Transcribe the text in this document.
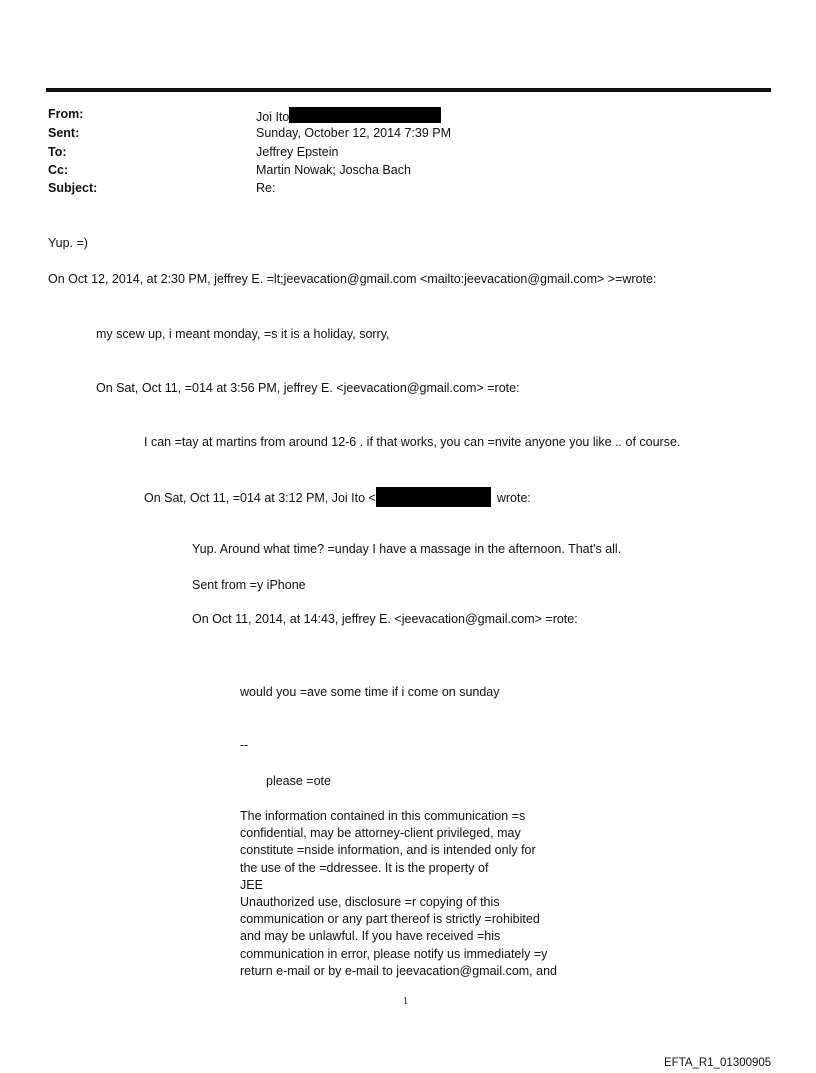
From:	Joi Ito
Sent:	Sunday, October 12, 2014 7:39 PM
To:	Jeffrey Epstein
Cc:	Martin Nowak; Joscha Bach
Subject:	Re:
Yup. =)
On Oct 12, 2014, at 2:30 PM, jeffrey E. =lt;jeevacation@gmail.com <mailto:jeevacation@gmail.com> >=wrote:
my scew up, i meant monday, =s it is a holiday, sorry,
On Sat, Oct 11, =014 at 3:56 PM, jeffrey E. <jeevacation@gmail.com> =rote:
I can =tay at martins from around 12-6 . if that works, you can =nvite anyone you like .. of course.
On Sat, Oct 11, =014 at 3:12 PM, Joi Ito <	wrote:
Yup. Around what time? =unday I have a massage in the afternoon. That's all.
Sent from =y iPhone
On Oct 11, 2014, at 14:43, jeffrey E. <jeevacation@gmail.com> =rote:
would you =ave some time if i come on sunday
--
please =ote
The information contained in this communication =s
confidential, may be attorney-client privileged, may
constitute =nside information, and is intended only for
the use of the =ddressee. It is the property of
JEE
Unauthorized use, disclosure =r copying of this
communication or any part thereof is strictly =rohibited
and may be unlawful. If you have received =his
communication in error, please notify us immediately =y
return e-mail or by e-mail to jeevacation@gmail.com, and
1
EFTA_R1_01300905
